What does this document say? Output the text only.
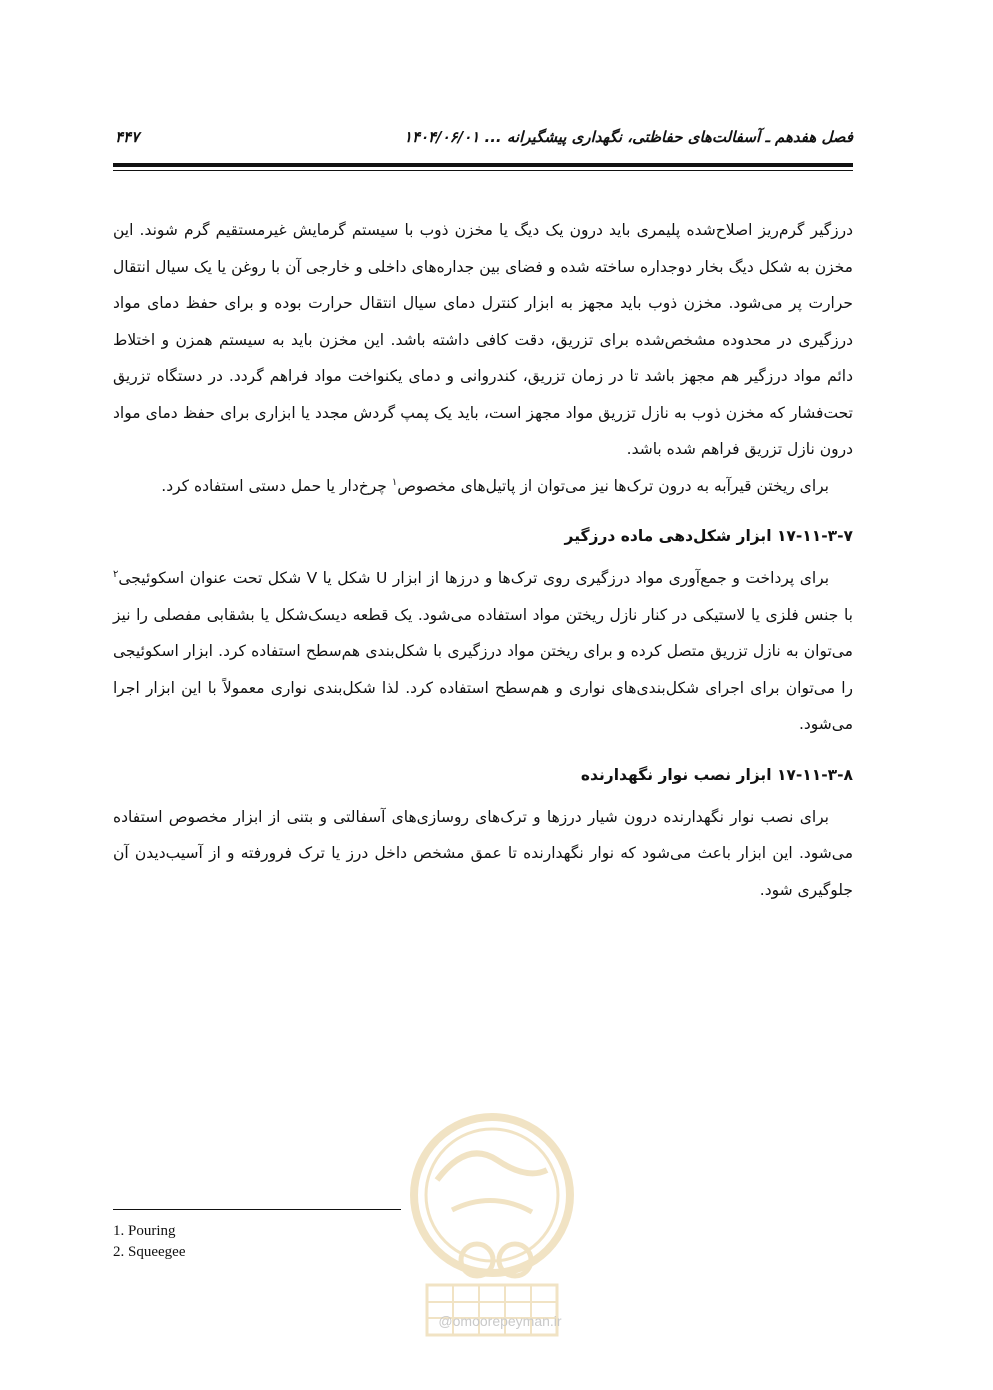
فصل هفدهم ـ آسفالت‌های حفاظتی، نگهداری پیشگیرانه ... ۱۴۰۴/۰۶/۰۱
۴۴۷

درزگیر گرم‌ریز اصلاح‌شده پلیمری باید درون یک دیگ یا مخزن ذوب با سیستم گرمایش غیرمستقیم گرم شوند. این مخزن به شکل دیگ بخار دوجداره ساخته شده و فضای بین جداره‌های داخلی و خارجی آن با روغن یا یک سیال انتقال حرارت پر می‌شود. مخزن ذوب باید مجهز به ابزار کنترل دمای سیال انتقال حرارت بوده و برای حفظ دمای مواد درزگیری در محدوده مشخص‌شده برای تزریق، دقت کافی داشته باشد. این مخزن باید به سیستم همزن و اختلاط دائم مواد درزگیر هم مجهز باشد تا در زمان تزریق، کندروانی و دمای یکنواخت مواد فراهم گردد. در دستگاه تزریق تحت‌فشار که مخزن ذوب به نازل تزریق مواد مجهز است، باید یک پمپ گردش مجدد یا ابزاری برای حفظ دمای مواد درون نازل تزریق فراهم شده باشد.

برای ریختن قیرآبه به درون ترک‌ها نیز می‌توان از پاتیل‌های مخصوص$^۱$ چرخ‌دار یا حمل دستی استفاده کرد.

۱۷-۱۱-۳-۷ ابزار شکل‌دهی ماده درزگیر

برای پرداخت و جمع‌آوری مواد درزگیری روی ترک‌ها و درزها از ابزار U شکل یا V شکل تحت عنوان اسکوئیجی$^۲$ با جنس فلزی یا لاستیکی در کنار نازل ریختن مواد استفاده می‌شود. یک قطعه دیسک‌شکل یا بشقابی مفصلی را نیز می‌توان به نازل تزریق متصل کرده و برای ریختن مواد درزگیری با شکل‌بندی هم‌سطح استفاده کرد. ابزار اسکوئیجی را می‌توان برای اجرای شکل‌بندی‌های نواری و هم‌سطح استفاده کرد. لذا شکل‌بندی نواری معمولاً با این ابزار اجرا می‌شود.

۱۷-۱۱-۳-۸ ابزار نصب نوار نگهدارنده

برای نصب نوار نگهدارنده درون شیار درزها و ترک‌های روسازی‌های آسفالتی و بتنی از ابزار مخصوص استفاده می‌شود. این ابزار باعث می‌شود که نوار نگهدارنده تا عمق مشخص داخل درز یا ترک فرورفته و از آسیب‌دیدن آن جلوگیری شود.

@omoorepeyman.ir
1. Pouring
2. Squeegee
